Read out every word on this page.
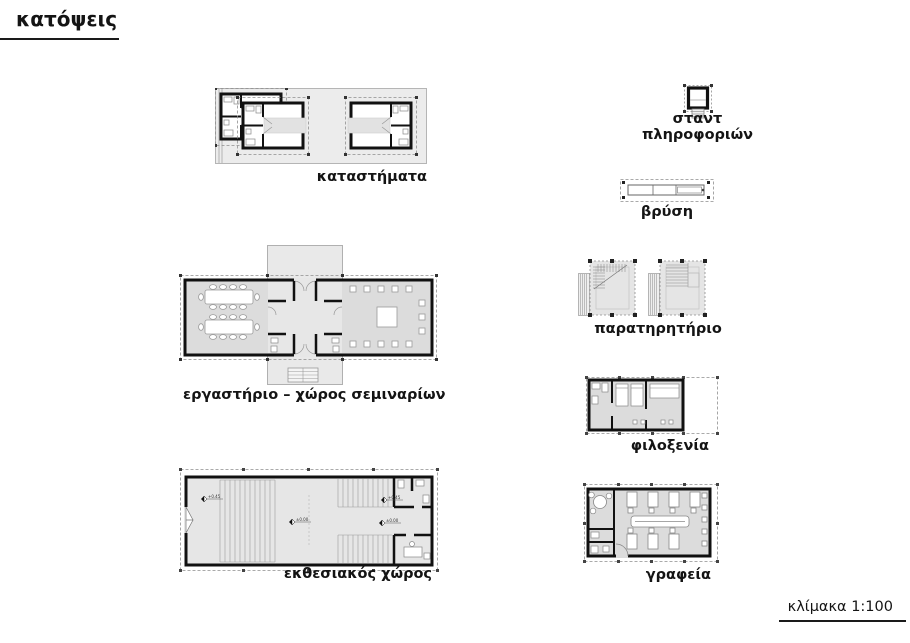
κατόψεις
καταστήματα
εργαστήριο – χώρος σεμιναρίων
+0.45
±0.00
+0.45
±0.00
εκθεσιακός χώρος
σταντ
πληροφοριών
βρύση
παρατηρητήριο
φιλοξενία
γραφεία
κλίμακα 1:100
